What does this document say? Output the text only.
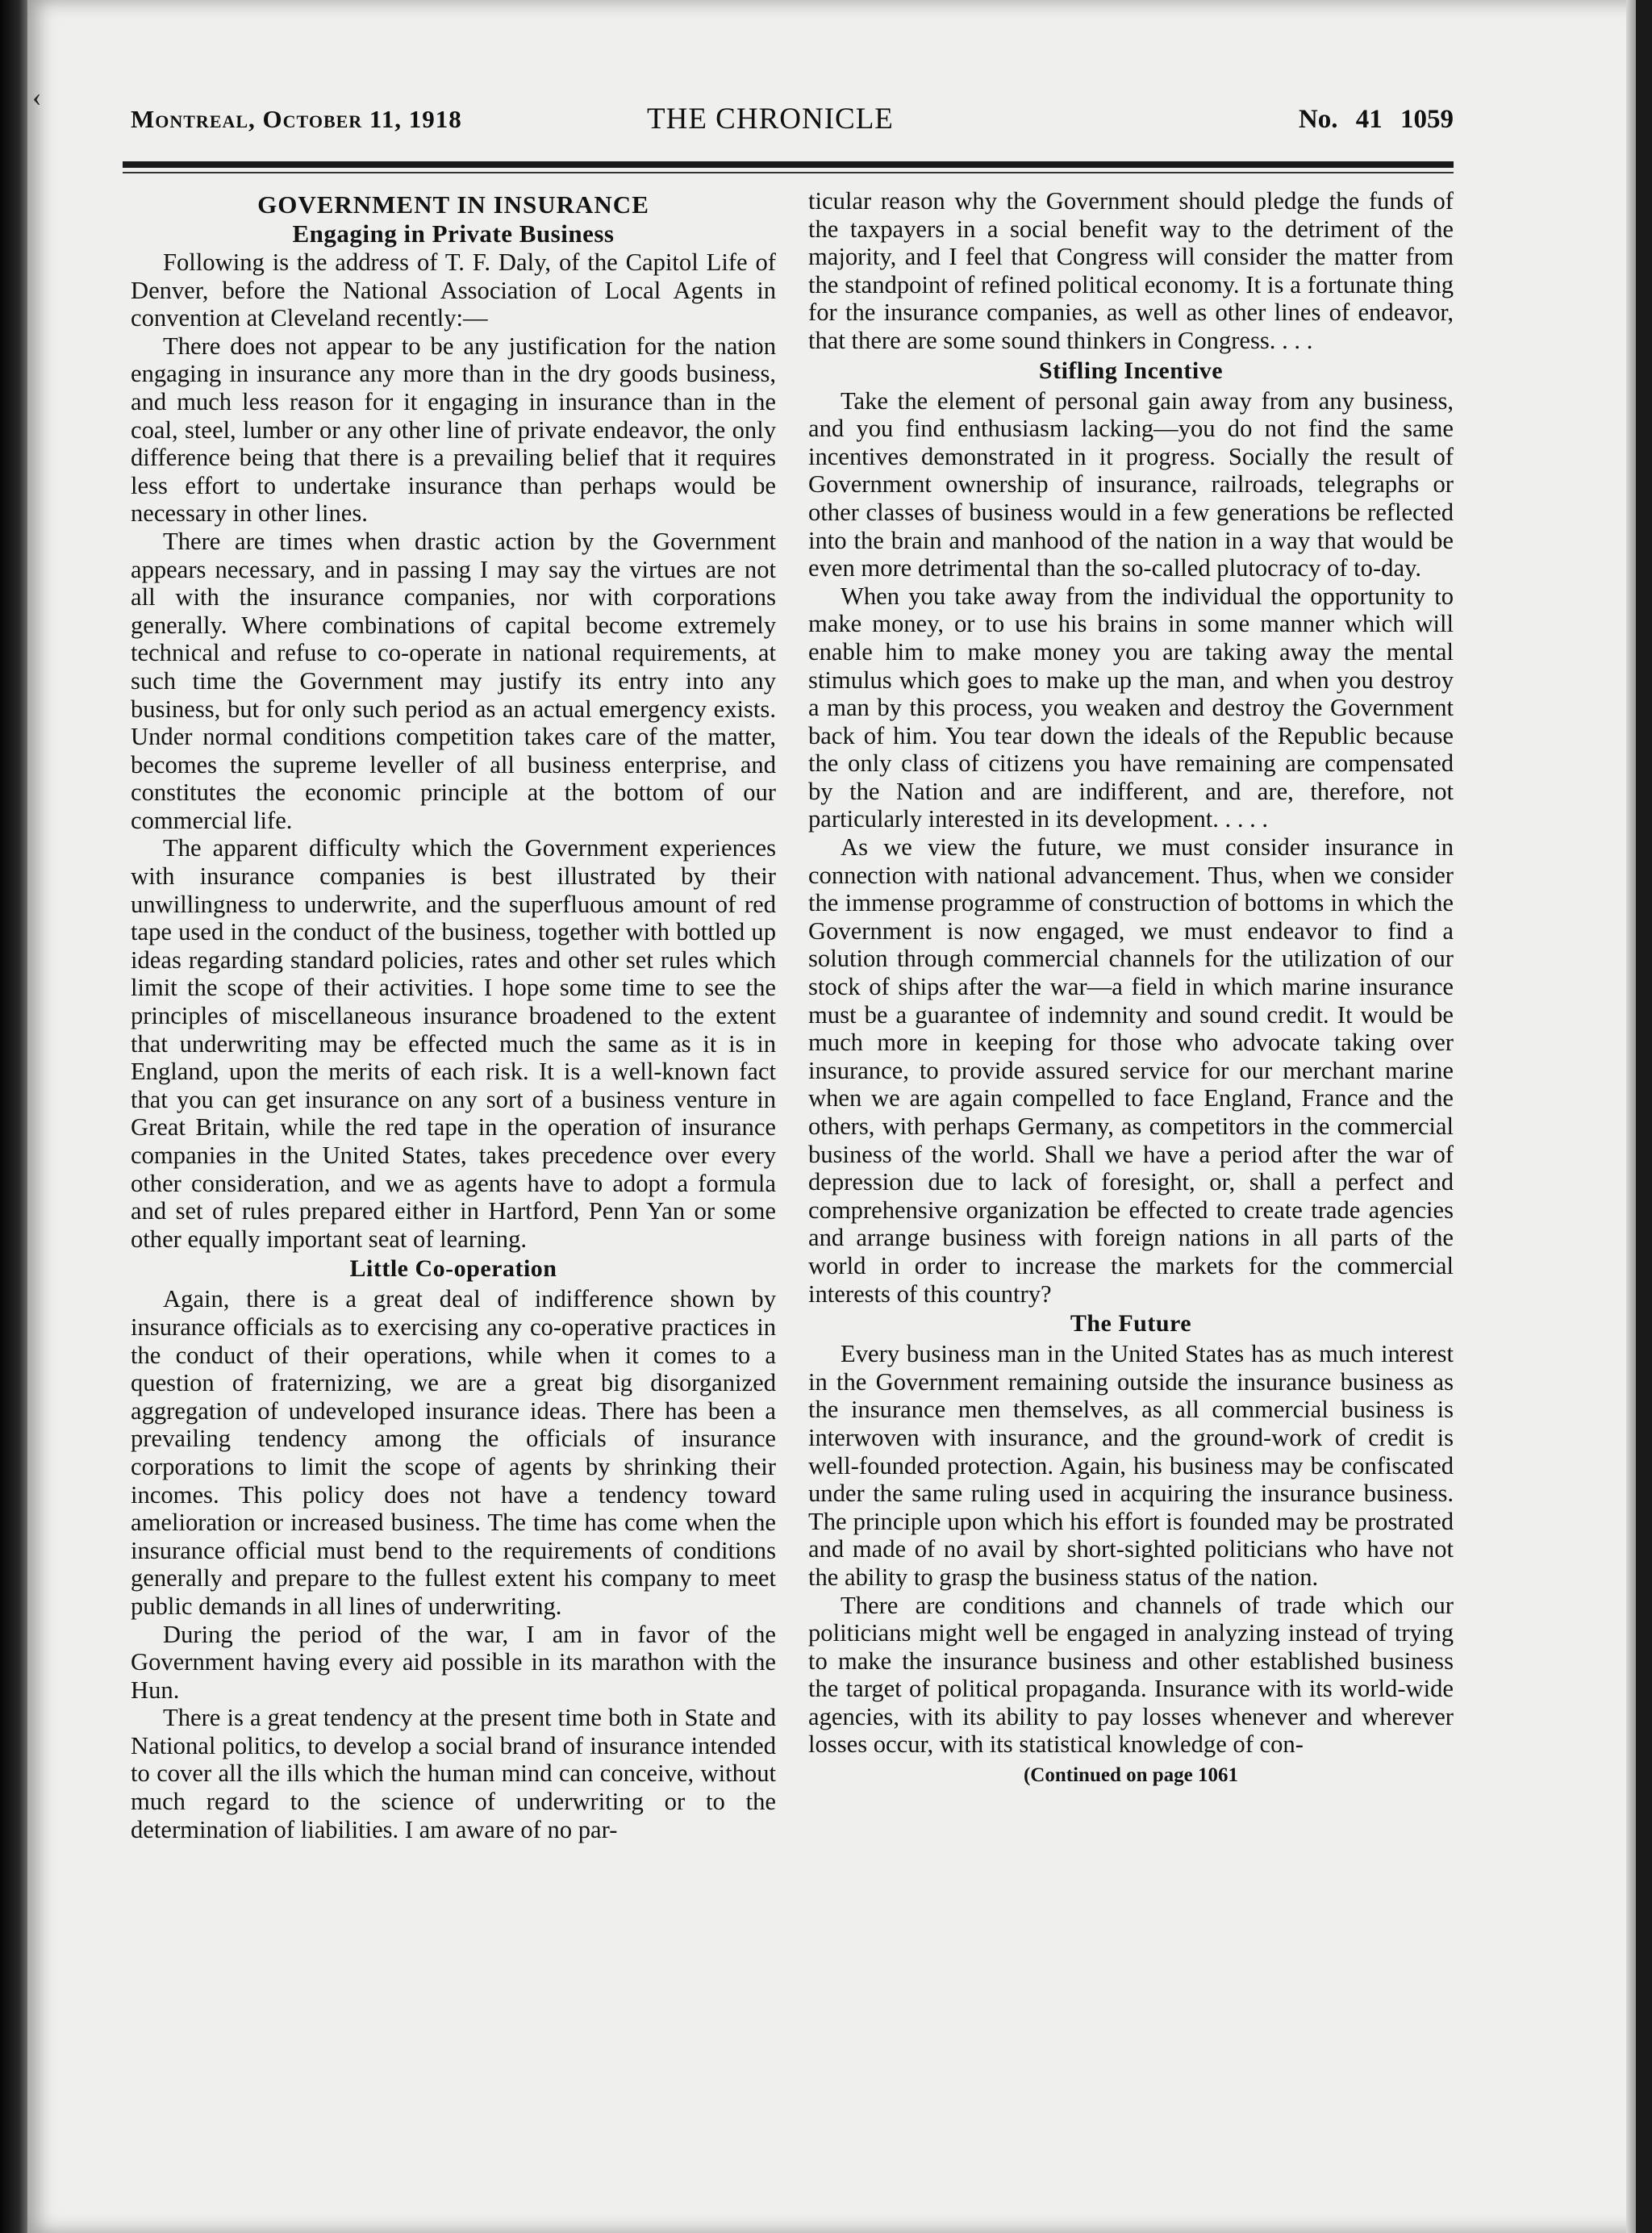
‹
Montreal, October 11, 1918	THE CHRONICLE	No. 41 1059
GOVERNMENT IN INSURANCE
Engaging in Private Business

Following is the address of T. F. Daly, of the Capitol Life of Denver, before the National Association of Local Agents in convention at Cleveland recently:—

There does not appear to be any justification for the nation engaging in insurance any more than in the dry goods business, and much less reason for it engaging in insurance than in the coal, steel, lumber or any other line of private endeavor, the only difference being that there is a prevailing belief that it requires less effort to undertake insurance than perhaps would be necessary in other lines.

There are times when drastic action by the Government appears necessary, and in passing I may say the virtues are not all with the insurance companies, nor with corporations generally. Where combinations of capital become extremely technical and refuse to co-operate in national requirements, at such time the Government may justify its entry into any business, but for only such period as an actual emergency exists. Under normal conditions competition takes care of the matter, becomes the supreme leveller of all business enterprise, and constitutes the economic principle at the bottom of our commercial life.

The apparent difficulty which the Government experiences with insurance companies is best illustrated by their unwillingness to underwrite, and the superfluous amount of red tape used in the conduct of the business, together with bottled up ideas regarding standard policies, rates and other set rules which limit the scope of their activities. I hope some time to see the principles of miscellaneous insurance broadened to the extent that underwriting may be effected much the same as it is in England, upon the merits of each risk. It is a well-known fact that you can get insurance on any sort of a business venture in Great Britain, while the red tape in the operation of insurance companies in the United States, takes precedence over every other consideration, and we as agents have to adopt a formula and set of rules prepared either in Hartford, Penn Yan or some other equally important seat of learning.

Little Co-operation

Again, there is a great deal of indifference shown by insurance officials as to exercising any co-operative practices in the conduct of their operations, while when it comes to a question of fraternizing, we are a great big disorganized aggregation of undeveloped insurance ideas. There has been a prevailing tendency among the officials of insurance corporations to limit the scope of agents by shrinking their incomes. This policy does not have a tendency toward amelioration or increased business. The time has come when the insurance official must bend to the requirements of conditions generally and prepare to the fullest extent his company to meet public demands in all lines of underwriting.

During the period of the war, I am in favor of the Government having every aid possible in its marathon with the Hun.

There is a great tendency at the present time both in State and National politics, to develop a social brand of insurance intended to cover all the ills which the human mind can conceive, without much regard to the science of underwriting or to the determination of liabilities. I am aware of no par-

ticular reason why the Government should pledge the funds of the taxpayers in a social benefit way to the detriment of the majority, and I feel that Congress will consider the matter from the standpoint of refined political economy. It is a fortunate thing for the insurance companies, as well as other lines of endeavor, that there are some sound thinkers in Congress. . . .

Stifling Incentive

Take the element of personal gain away from any business, and you find enthusiasm lacking—you do not find the same incentives demonstrated in it progress. Socially the result of Government ownership of insurance, railroads, telegraphs or other classes of business would in a few generations be reflected into the brain and manhood of the nation in a way that would be even more detrimental than the so-called plutocracy of to-day.

When you take away from the individual the opportunity to make money, or to use his brains in some manner which will enable him to make money you are taking away the mental stimulus which goes to make up the man, and when you destroy a man by this process, you weaken and destroy the Government back of him. You tear down the ideals of the Republic because the only class of citizens you have remaining are compensated by the Nation and are indifferent, and are, therefore, not particularly interested in its development. . . . .

As we view the future, we must consider insurance in connection with national advancement. Thus, when we consider the immense programme of construction of bottoms in which the Government is now engaged, we must endeavor to find a solution through commercial channels for the utilization of our stock of ships after the war—a field in which marine insurance must be a guarantee of indemnity and sound credit. It would be much more in keeping for those who advocate taking over insurance, to provide assured service for our merchant marine when we are again compelled to face England, France and the others, with perhaps Germany, as competitors in the commercial business of the world. Shall we have a period after the war of depression due to lack of foresight, or, shall a perfect and comprehensive organization be effected to create trade agencies and arrange business with foreign nations in all parts of the world in order to increase the markets for the commercial interests of this country?

The Future

Every business man in the United States has as much interest in the Government remaining outside the insurance business as the insurance men themselves, as all commercial business is interwoven with insurance, and the ground-work of credit is well-founded protection. Again, his business may be confiscated under the same ruling used in acquiring the insurance business. The principle upon which his effort is founded may be prostrated and made of no avail by short-sighted politicians who have not the ability to grasp the business status of the nation.

There are conditions and channels of trade which our politicians might well be engaged in analyzing instead of trying to make the insurance business and other established business the target of political propaganda. Insurance with its world-wide agencies, with its ability to pay losses whenever and wherever losses occur, with its statistical knowledge of con-

(Continued on page 1061
